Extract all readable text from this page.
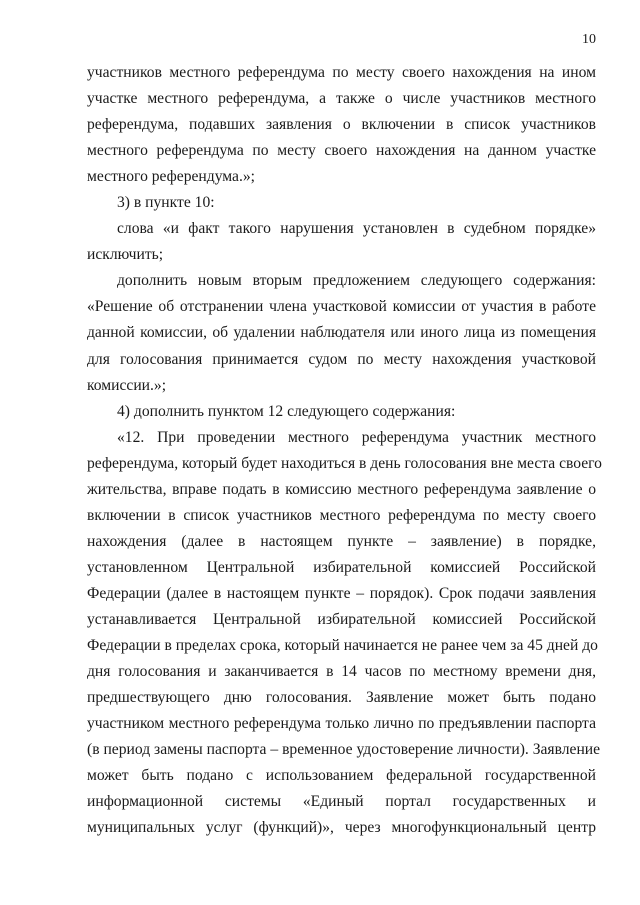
10
участников местного референдума по месту своего нахождения на ином
участке местного референдума, а также о числе участников местного
референдума, подавших заявления о включении в список участников
местного референдума по месту своего нахождения на данном участке
местного референдума.»;
3) в пункте 10:
слова «и факт такого нарушения установлен в судебном порядке»
исключить;
дополнить новым вторым предложением следующего содержания:
«Решение об отстранении члена участковой комиссии от участия в работе
данной комиссии, об удалении наблюдателя или иного лица из помещения
для голосования принимается судом по месту нахождения участковой
комиссии.»;
4) дополнить пунктом 12 следующего содержания:
«12. При проведении местного референдума участник местного
референдума, который будет находиться в день голосования вне места своего
жительства, вправе подать в комиссию местного референдума заявление о
включении в список участников местного референдума по месту своего
нахождения (далее в настоящем пункте – заявление) в порядке,
установленном Центральной избирательной комиссией Российской
Федерации (далее в настоящем пункте – порядок). Срок подачи заявления
устанавливается Центральной избирательной комиссией Российской
Федерации в пределах срока, который начинается не ранее чем за 45 дней до
дня голосования и заканчивается в 14 часов по местному времени дня,
предшествующего дню голосования. Заявление может быть подано
участником местного референдума только лично по предъявлении паспорта
(в период замены паспорта – временное удостоверение личности). Заявление
может быть подано с использованием федеральной государственной
информационной системы «Единый портал государственных и
муниципальных услуг (функций)», через многофункциональный центр
